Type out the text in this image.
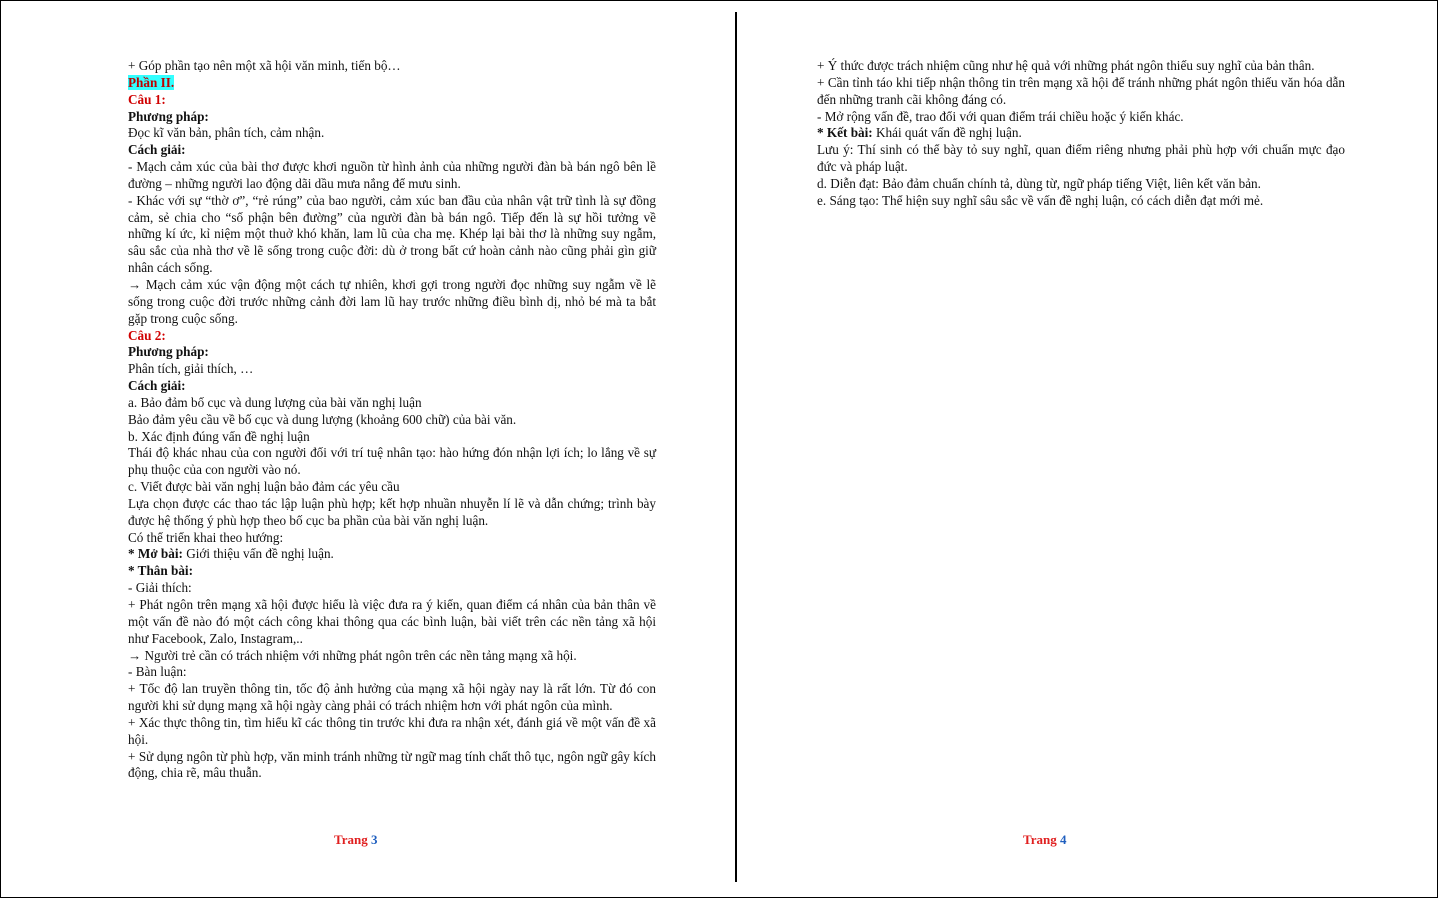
+ Góp phần tạo nên một xã hội văn minh, tiến bộ…

Phần II.

Câu 1:

Phương pháp:

Đọc kĩ văn bản, phân tích, cảm nhận.

Cách giải:

- Mạch cảm xúc của bài thơ được khơi nguồn từ hình ảnh của những người đàn bà bán ngô bên lề đường – những người lao động dãi dầu mưa nắng để mưu sinh.

- Khác với sự “thờ ơ”, “rẻ rúng” của bao người, cảm xúc ban đầu của nhân vật trữ tình là sự đồng cảm, sẻ chia cho “số phận bên đường” của người đàn bà bán ngô. Tiếp đến là sự hồi tưởng về những kí ức, kỉ niệm một thuở khó khăn, lam lũ của cha mẹ. Khép lại bài thơ là những suy ngẫm, sâu sắc của nhà thơ về lẽ sống trong cuộc đời: dù ở trong bất cứ hoàn cảnh nào cũng phải gìn giữ nhân cách sống.

→ Mạch cảm xúc vận động một cách tự nhiên, khơi gợi trong người đọc những suy ngẫm về lẽ sống trong cuộc đời trước những cảnh đời lam lũ hay trước những điều bình dị, nhỏ bé mà ta bắt gặp trong cuộc sống.

Câu 2:

Phương pháp:

Phân tích, giải thích, …

Cách giải:

a. Bảo đảm bố cục và dung lượng của bài văn nghị luận

Bảo đảm yêu cầu về bố cục và dung lượng (khoảng 600 chữ) của bài văn.

b. Xác định đúng vấn đề nghị luận

Thái độ khác nhau của con người đối với trí tuệ nhân tạo: hào hứng đón nhận lợi ích; lo lắng về sự phụ thuộc của con người vào nó.

c. Viết được bài văn nghị luận bảo đảm các yêu cầu

Lựa chọn được các thao tác lập luận phù hợp; kết hợp nhuần nhuyễn lí lẽ và dẫn chứng; trình bày được hệ thống ý phù hợp theo bố cục ba phần của bài văn nghị luận.

Có thể triển khai theo hướng:

* Mở bài: Giới thiệu vấn đề nghị luận.

* Thân bài:

- Giải thích:

+ Phát ngôn trên mạng xã hội được hiểu là việc đưa ra ý kiến, quan điểm cá nhân của bản thân về một vấn đề nào đó một cách công khai thông qua các bình luận, bài viết trên các nền tảng xã hội như Facebook, Zalo, Instagram,..

→ Người trẻ cần có trách nhiệm với những phát ngôn trên các nền tảng mạng xã hội.

- Bàn luận:

+ Tốc độ lan truyền thông tin, tốc độ ảnh hưởng của mạng xã hội ngày nay là rất lớn. Từ đó con người khi sử dụng mạng xã hội ngày càng phải có trách nhiệm hơn với phát ngôn của mình.

+ Xác thực thông tin, tìm hiểu kĩ các thông tin trước khi đưa ra nhận xét, đánh giá về một vấn đề xã hội.

+ Sử dụng ngôn từ phù hợp, văn minh tránh những từ ngữ mag tính chất thô tục, ngôn ngữ gây kích động, chia rẽ, mâu thuẫn.

Trang 3

+ Ý thức được trách nhiệm cũng như hệ quả với những phát ngôn thiếu suy nghĩ của bản thân.

+ Cần tỉnh táo khi tiếp nhận thông tin trên mạng xã hội để tránh những phát ngôn thiếu văn hóa dẫn đến những tranh cãi không đáng có.

- Mở rộng vấn đề, trao đổi với quan điểm trái chiều hoặc ý kiến khác.

* Kết bài: Khái quát vấn đề nghị luận.

Lưu ý: Thí sinh có thể bày tỏ suy nghĩ, quan điểm riêng nhưng phải phù hợp với chuẩn mực đạo đức và pháp luật.

d. Diễn đạt: Bảo đảm chuẩn chính tả, dùng từ, ngữ pháp tiếng Việt, liên kết văn bản.

e. Sáng tạo: Thể hiện suy nghĩ sâu sắc về vấn đề nghị luận, có cách diễn đạt mới mẻ.

Trang 4
